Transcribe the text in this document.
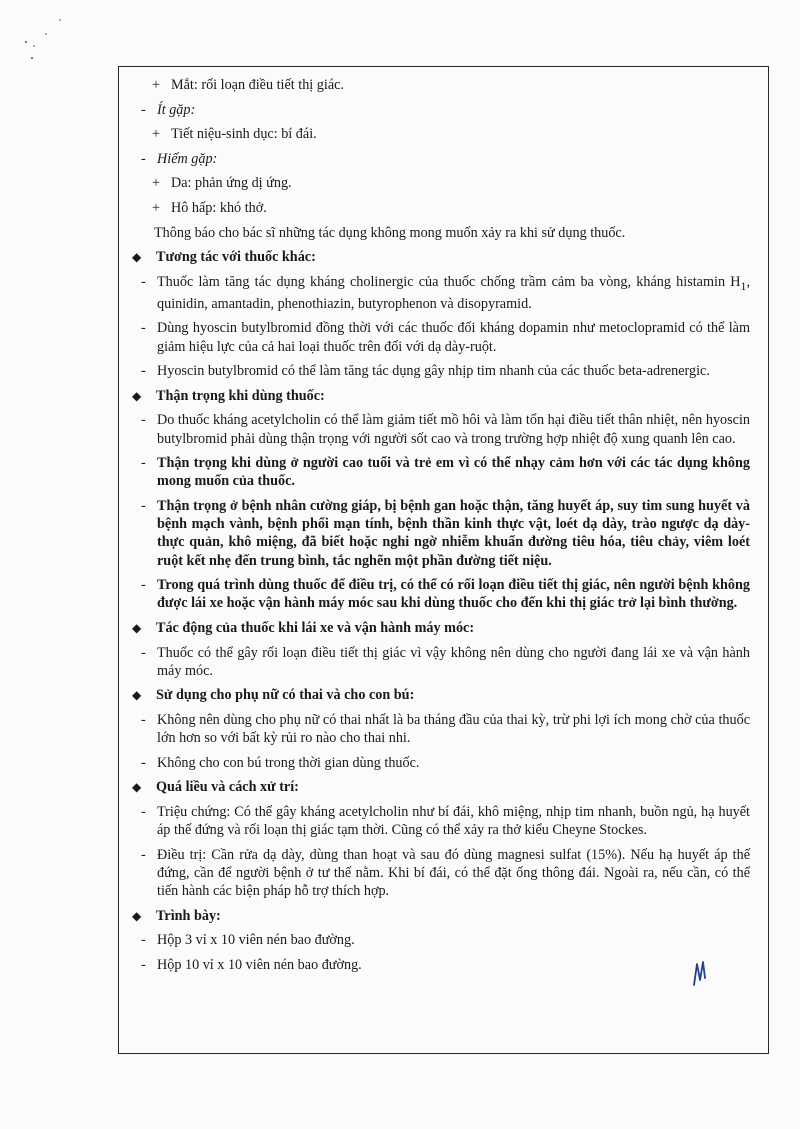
+ Mắt: rối loạn điều tiết thị giác.
- Ít gặp:
+ Tiết niệu-sinh dục: bí đái.
- Hiếm gặp:
+ Da: phản ứng dị ứng.
+ Hô hấp: khó thở.
Thông báo cho bác sĩ những tác dụng không mong muốn xảy ra khi sử dụng thuốc.
◆	Tương tác với thuốc khác:
- Thuốc làm tăng tác dụng kháng cholinergic của thuốc chống trầm cảm ba vòng, kháng histamin $H_1$, quinidin, amantadin, phenothiazin, butyrophenon và disopyramid.
- Dùng hyoscin butylbromid đồng thời với các thuốc đối kháng dopamin như metoclopramid có thể làm giảm hiệu lực của cả hai loại thuốc trên đối với dạ dày-ruột.
- Hyoscin butylbromid có thể làm tăng tác dụng gây nhịp tim nhanh của các thuốc beta-adrenergic.
◆	Thận trọng khi dùng thuốc:
- Do thuốc kháng acetylcholin có thể làm giảm tiết mồ hôi và làm tổn hại điều tiết thân nhiệt, nên hyoscin butylbromid phải dùng thận trọng với người sốt cao và trong trường hợp nhiệt độ xung quanh lên cao.
- Thận trọng khi dùng ở người cao tuổi và trẻ em vì có thể nhạy cảm hơn với các tác dụng không mong muốn của thuốc.
- Thận trọng ở bệnh nhân cường giáp, bị bệnh gan hoặc thận, tăng huyết áp, suy tim sung huyết và bệnh mạch vành, bệnh phổi mạn tính, bệnh thần kinh thực vật, loét dạ dày, trào ngược dạ dày-thực quản, khô miệng, đã biết hoặc nghi ngờ nhiễm khuẩn đường tiêu hóa, tiêu chảy, viêm loét ruột kết nhẹ đến trung bình, tắc nghẽn một phần đường tiết niệu.
- Trong quá trình dùng thuốc để điều trị, có thể có rối loạn điều tiết thị giác, nên người bệnh không được lái xe hoặc vận hành máy móc sau khi dùng thuốc cho đến khi thị giác trở lại bình thường.
◆	Tác động của thuốc khi lái xe và vận hành máy móc:
- Thuốc có thể gây rối loạn điều tiết thị giác vì vậy không nên dùng cho người đang lái xe và vận hành máy móc.
◆	Sử dụng cho phụ nữ có thai và cho con bú:
- Không nên dùng cho phụ nữ có thai nhất là ba tháng đầu của thai kỳ, trừ phi lợi ích mong chờ của thuốc lớn hơn so với bất kỳ rủi ro nào cho thai nhi.
- Không cho con bú trong thời gian dùng thuốc.
◆	Quá liều và cách xử trí:
- Triệu chứng: Có thể gây kháng acetylcholin như bí đái, khô miệng, nhịp tim nhanh, buồn ngủ, hạ huyết áp thế đứng và rối loạn thị giác tạm thời. Cũng có thể xảy ra thở kiểu Cheyne Stockes.
- Điều trị: Cần rửa dạ dày, dùng than hoạt và sau đó dùng magnesi sulfat (15%). Nếu hạ huyết áp thế đứng, cần để người bệnh ở tư thế nằm. Khi bí đái, có thể đặt ống thông đái. Ngoài ra, nếu cần, có thể tiến hành các biện pháp hỗ trợ thích hợp.
◆	Trình bày:
- Hộp 3 vỉ x 10 viên nén bao đường.
- Hộp 10 vỉ x 10 viên nén bao đường.
